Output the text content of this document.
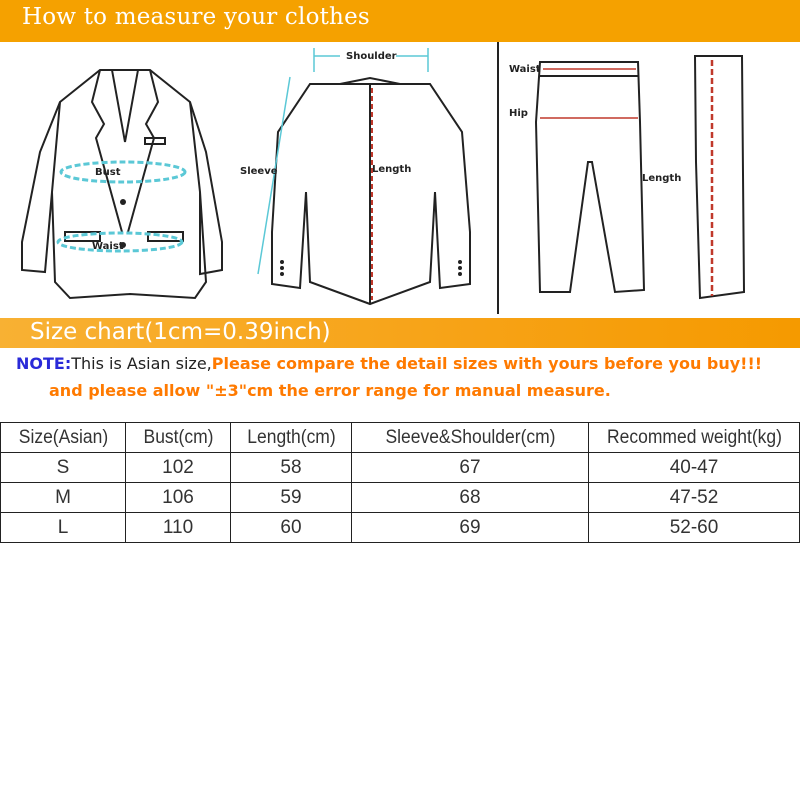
How to measure your clothes
Bust
Waist
Shoulder
Sleeve	Length
Waist
Hip
Length
Size chart(1cm=0.39inch)
NOTE:This is Asian size,Please compare the detail sizes with yours before you buy!!!
and please allow "±3"cm the error range for manual measure.
Size(Asian)	Bust(cm)	Length(cm)	Sleeve&Shoulder(cm)	Recommed weight(kg)
S	102	58	67	40-47
M	106	59	68	47-52
L	110	60	69	52-60
